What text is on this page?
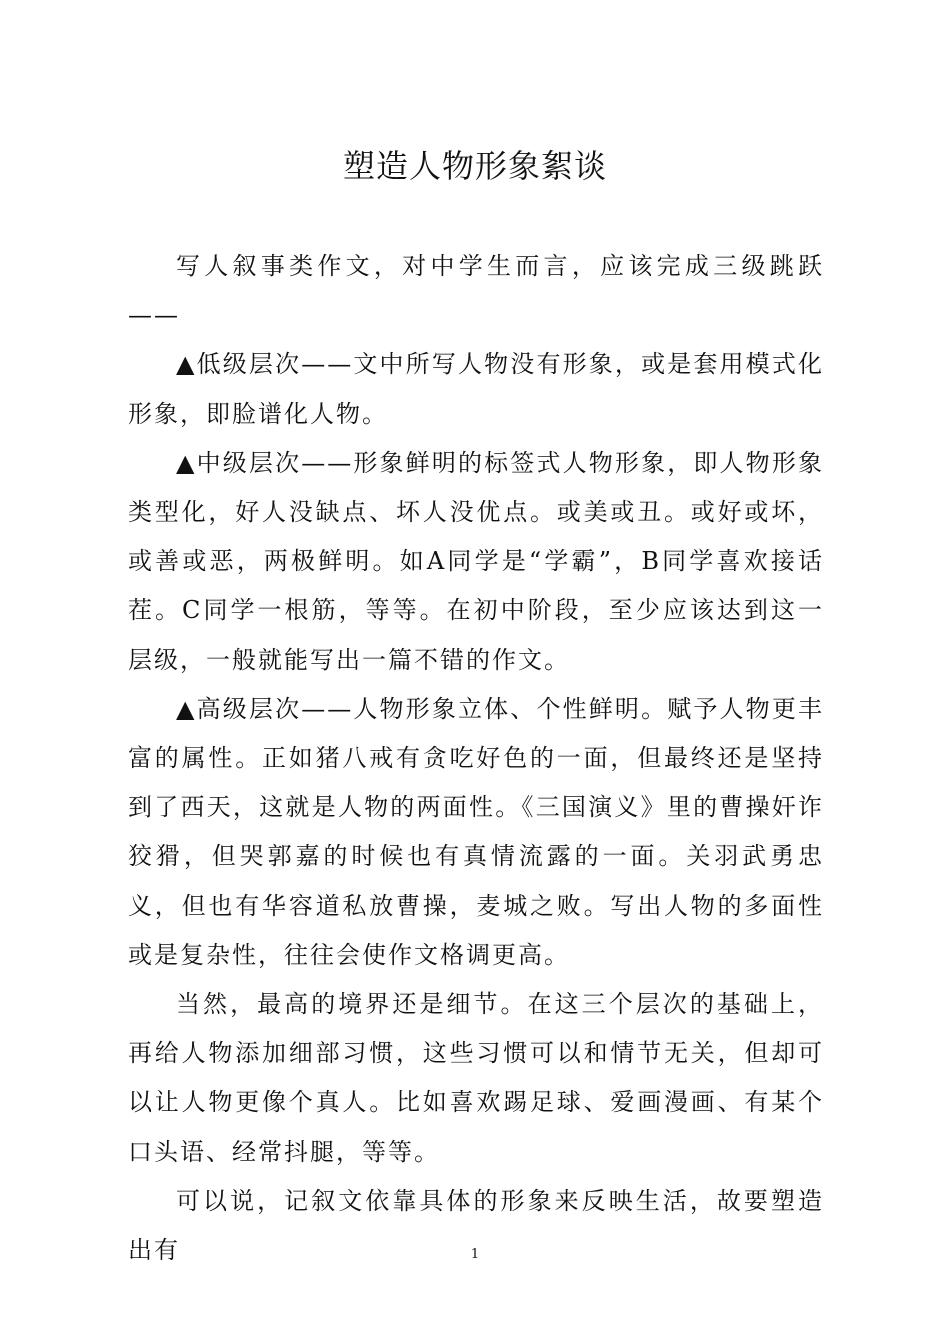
塑造人物形象絮谈

写人叙事类作文，对中学生而言，应该完成三级跳跃——

▲低级层次——文中所写人物没有形象，或是套用模式化形象，即脸谱化人物。

▲中级层次——形象鲜明的标签式人物形象，即人物形象类型化，好人没缺点、坏人没优点。或美或丑。或好或坏，或善或恶，两极鲜明。如A同学是“学霸”，B同学喜欢接话茬。C同学一根筋，等等。在初中阶段，至少应该达到这一层级，一般就能写出一篇不错的作文。

▲高级层次——人物形象立体、个性鲜明。赋予人物更丰富的属性。正如猪八戒有贪吃好色的一面，但最终还是坚持到了西天，这就是人物的两面性。《三国演义》里的曹操奸诈狡猾，但哭郭嘉的时候也有真情流露的一面。关羽武勇忠义，但也有华容道私放曹操，麦城之败。写出人物的多面性或是复杂性，往往会使作文格调更高。

当然，最高的境界还是细节。在这三个层次的基础上，再给人物添加细部习惯，这些习惯可以和情节无关，但却可以让人物更像个真人。比如喜欢踢足球、爱画漫画、有某个口头语、经常抖腿，等等。

可以说，记叙文依靠具体的形象来反映生活，故要塑造出有	1
